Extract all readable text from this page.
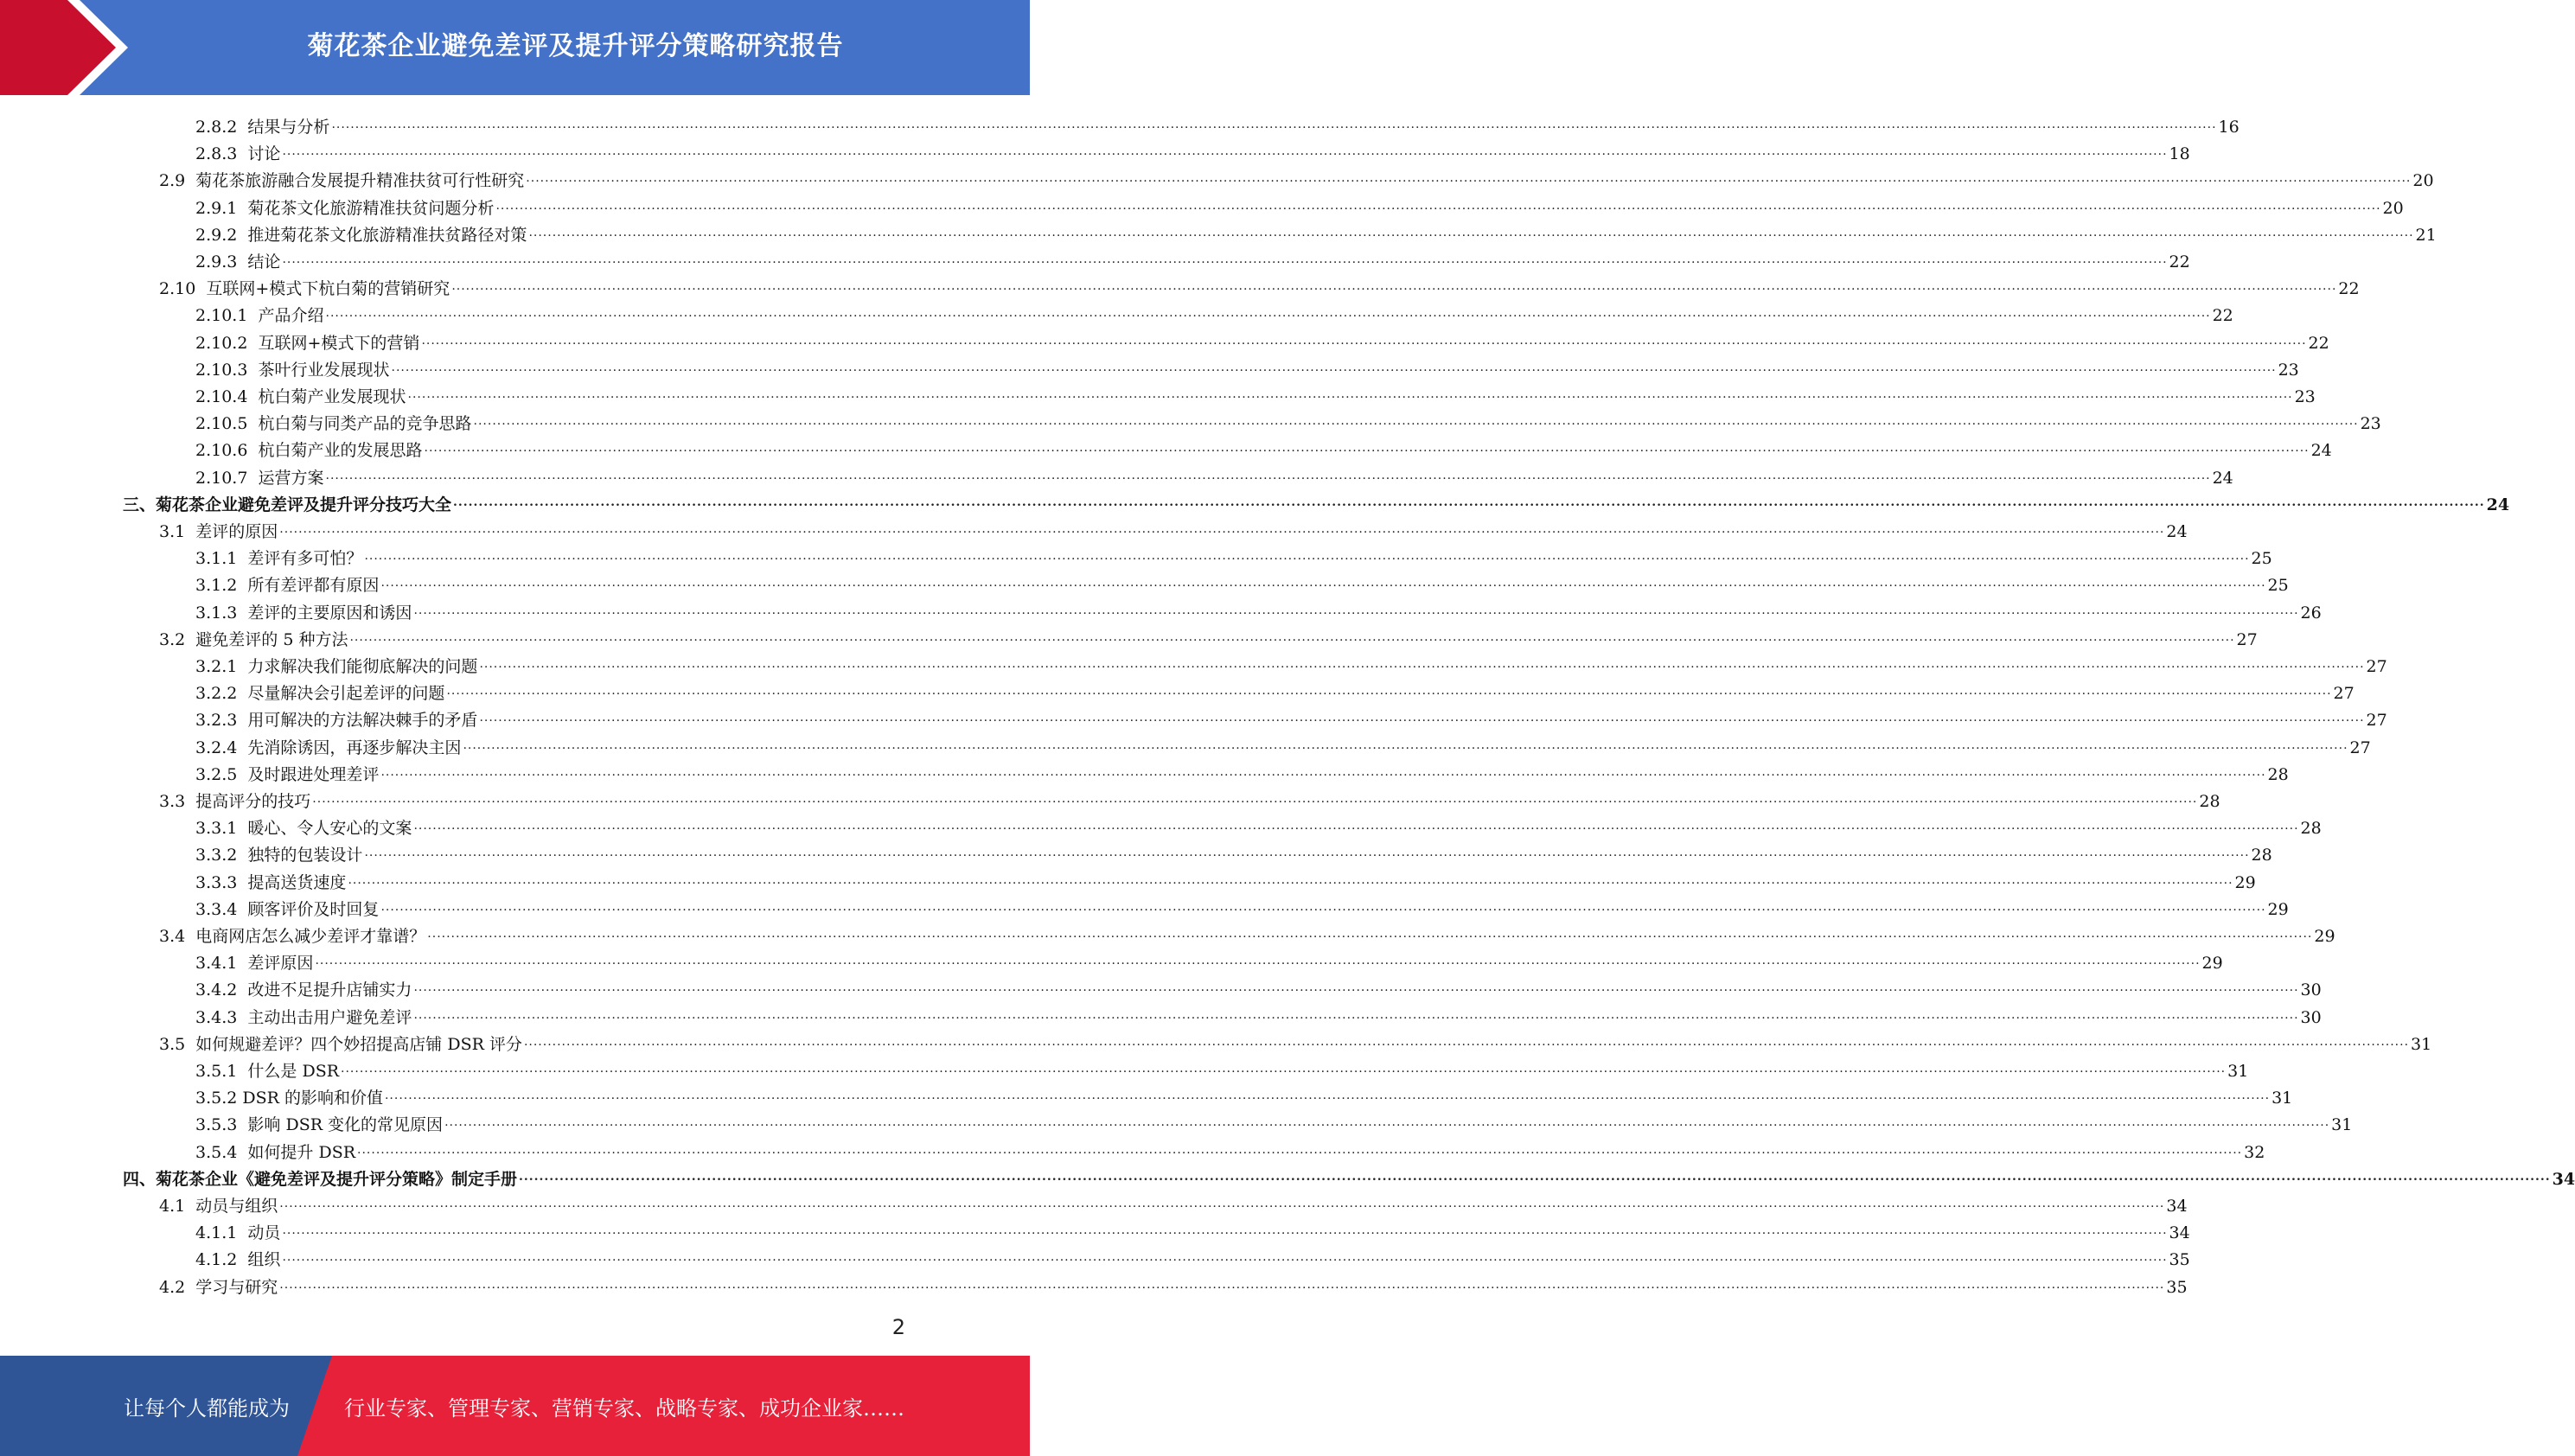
菊花茶企业避免差评及提升评分策略研究报告
2.8.2  结果与分析 ................................................................................................................................................................................................................................................................................................................................................................................................................ 16
2.8.3  讨论 ................................................................................................................................................................................................................................................................................................................................................................................................................ 18
2.9  菊花茶旅游融合发展提升精准扶贫可行性研究 ................................................................................................................................................................................................................................................................................................................................................................................................................ 20
2.9.1  菊花茶文化旅游精准扶贫问题分析 ................................................................................................................................................................................................................................................................................................................................................................................................................ 20
2.9.2  推进菊花茶文化旅游精准扶贫路径对策 ................................................................................................................................................................................................................................................................................................................................................................................................................ 21
2.9.3  结论 ................................................................................................................................................................................................................................................................................................................................................................................................................ 22
2.10  互联网+模式下杭白菊的营销研究 ................................................................................................................................................................................................................................................................................................................................................................................................................ 22
2.10.1  产品介绍 ................................................................................................................................................................................................................................................................................................................................................................................................................ 22
2.10.2  互联网+模式下的营销 ................................................................................................................................................................................................................................................................................................................................................................................................................ 22
2.10.3  茶叶行业发展现状 ................................................................................................................................................................................................................................................................................................................................................................................................................ 23
2.10.4  杭白菊产业发展现状 ................................................................................................................................................................................................................................................................................................................................................................................................................ 23
2.10.5  杭白菊与同类产品的竞争思路 ................................................................................................................................................................................................................................................................................................................................................................................................................ 23
2.10.6  杭白菊产业的发展思路 ................................................................................................................................................................................................................................................................................................................................................................................................................ 24
2.10.7  运营方案 ................................................................................................................................................................................................................................................................................................................................................................................................................ 24
三、菊花茶企业避免差评及提升评分技巧大全 ................................................................................................................................................................................................................................................................................................................................................................................................................ 24
3.1  差评的原因 ................................................................................................................................................................................................................................................................................................................................................................................................................ 24
3.1.1  差评有多可怕？ ................................................................................................................................................................................................................................................................................................................................................................................................................ 25
3.1.2  所有差评都有原因 ................................................................................................................................................................................................................................................................................................................................................................................................................ 25
3.1.3  差评的主要原因和诱因 ................................................................................................................................................................................................................................................................................................................................................................................................................ 26
3.2  避免差评的 5 种方法 ................................................................................................................................................................................................................................................................................................................................................................................................................ 27
3.2.1  力求解决我们能彻底解决的问题 ................................................................................................................................................................................................................................................................................................................................................................................................................ 27
3.2.2  尽量解决会引起差评的问题 ................................................................................................................................................................................................................................................................................................................................................................................................................ 27
3.2.3  用可解决的方法解决棘手的矛盾 ................................................................................................................................................................................................................................................................................................................................................................................................................ 27
3.2.4  先消除诱因，再逐步解决主因 ................................................................................................................................................................................................................................................................................................................................................................................................................ 27
3.2.5  及时跟进处理差评 ................................................................................................................................................................................................................................................................................................................................................................................................................ 28
3.3  提高评分的技巧 ................................................................................................................................................................................................................................................................................................................................................................................................................ 28
3.3.1  暖心、令人安心的文案 ................................................................................................................................................................................................................................................................................................................................................................................................................ 28
3.3.2  独特的包装设计 ................................................................................................................................................................................................................................................................................................................................................................................................................ 28
3.3.3  提高送货速度 ................................................................................................................................................................................................................................................................................................................................................................................................................ 29
3.3.4  顾客评价及时回复 ................................................................................................................................................................................................................................................................................................................................................................................................................ 29
3.4  电商网店怎么减少差评才靠谱？ ................................................................................................................................................................................................................................................................................................................................................................................................................ 29
3.4.1  差评原因 ................................................................................................................................................................................................................................................................................................................................................................................................................ 29
3.4.2  改进不足提升店铺实力 ................................................................................................................................................................................................................................................................................................................................................................................................................ 30
3.4.3  主动出击用户避免差评 ................................................................................................................................................................................................................................................................................................................................................................................................................ 30
3.5  如何规避差评？四个妙招提高店铺 DSR 评分 ................................................................................................................................................................................................................................................................................................................................................................................................................ 31
3.5.1  什么是 DSR ................................................................................................................................................................................................................................................................................................................................................................................................................ 31
3.5.2 DSR 的影响和价值 ................................................................................................................................................................................................................................................................................................................................................................................................................ 31
3.5.3  影响 DSR 变化的常见原因 ................................................................................................................................................................................................................................................................................................................................................................................................................ 31
3.5.4  如何提升 DSR ................................................................................................................................................................................................................................................................................................................................................................................................................ 32
四、菊花茶企业《避免差评及提升评分策略》制定手册 ................................................................................................................................................................................................................................................................................................................................................................................................................ 34
4.1  动员与组织 ................................................................................................................................................................................................................................................................................................................................................................................................................ 34
4.1.1  动员 ................................................................................................................................................................................................................................................................................................................................................................................................................ 34
4.1.2  组织 ................................................................................................................................................................................................................................................................................................................................................................................................................ 35
4.2  学习与研究 ................................................................................................................................................................................................................................................................................................................................................................................................................ 35
2
让每个人都能成为	行业专家、管理专家、营销专家、战略专家、成功企业家……
